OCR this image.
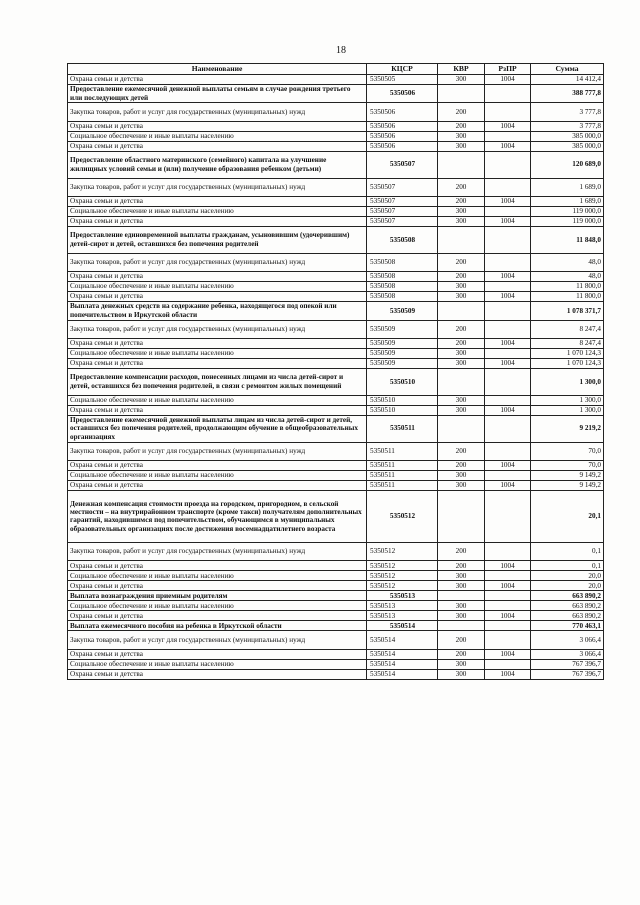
18
Наименование	КЦСР	КВР	РзПР	Сумма
Охрана семьи и детства	5350505	300	1004	14 412,4
Предоставление ежемесячной денежной выплаты семьям в случае рождения третьего или последующих детей	5350506			388 777,8
Закупка товаров, работ и услуг для государственных (муниципальных) нужд	5350506	200		3 777,8
Охрана семьи и детства	5350506	200	1004	3 777,8
Социальное обеспечение и иные выплаты населению	5350506	300		385 000,0
Охрана семьи и детства	5350506	300	1004	385 000,0
Предоставление областного материнского (семейного) капитала на улучшение жилищных условий семьи и (или) получение образования ребенком (детьми)	5350507			120 689,0
Закупка товаров, работ и услуг для государственных (муниципальных) нужд	5350507	200		1 689,0
Охрана семьи и детства	5350507	200	1004	1 689,0
Социальное обеспечение и иные выплаты населению	5350507	300		119 000,0
Охрана семьи и детства	5350507	300	1004	119 000,0
Предоставление единовременной выплаты гражданам, усыновившим (удочерившим) детей-сирот и детей, оставшихся без попечения родителей	5350508			11 848,0
Закупка товаров, работ и услуг для государственных (муниципальных) нужд	5350508	200		48,0
Охрана семьи и детства	5350508	200	1004	48,0
Социальное обеспечение и иные выплаты населению	5350508	300		11 800,0
Охрана семьи и детства	5350508	300	1004	11 800,0
Выплата денежных средств на содержание ребенка, находящегося под опекой или попечительством в Иркутской области	5350509			1 078 371,7
Закупка товаров, работ и услуг для государственных (муниципальных) нужд	5350509	200		8 247,4
Охрана семьи и детства	5350509	200	1004	8 247,4
Социальное обеспечение и иные выплаты населению	5350509	300		1 070 124,3
Охрана семьи и детства	5350509	300	1004	1 070 124,3
Предоставление компенсации расходов, понесенных лицами из числа детей-сирот и детей, оставшихся без попечения родителей, в связи с ремонтом жилых помещений	5350510			1 300,0
Социальное обеспечение и иные выплаты населению	5350510	300		1 300,0
Охрана семьи и детства	5350510	300	1004	1 300,0
Предоставление ежемесячной денежной выплаты лицам из числа детей-сирот и детей, оставшихся без попечения родителей, продолжающим обучение в общеобразовательных организациях	5350511			9 219,2
Закупка товаров, работ и услуг для государственных (муниципальных) нужд	5350511	200		70,0
Охрана семьи и детства	5350511	200	1004	70,0
Социальное обеспечение и иные выплаты населению	5350511	300		9 149,2
Охрана семьи и детства	5350511	300	1004	9 149,2
Денежная компенсация стоимости проезда на городском, пригородном, в сельской местности – на внутрирайонном транспорте (кроме такси) получателям дополнительных гарантий, находившимся под попечительством, обучающимся в муниципальных образовательных организациях после достижения восемнадцатилетнего возраста	5350512			20,1
Закупка товаров, работ и услуг для государственных (муниципальных) нужд	5350512	200		0,1
Охрана семьи и детства	5350512	200	1004	0,1
Социальное обеспечение и иные выплаты населению	5350512	300		20,0
Охрана семьи и детства	5350512	300	1004	20,0
Выплата вознаграждения приемным родителям	5350513			663 890,2
Социальное обеспечение и иные выплаты населению	5350513	300		663 890,2
Охрана семьи и детства	5350513	300	1004	663 890,2
Выплата ежемесячного пособия на ребенка в Иркутской области	5350514			770 463,1
Закупка товаров, работ и услуг для государственных (муниципальных) нужд	5350514	200		3 066,4
Охрана семьи и детства	5350514	200	1004	3 066,4
Социальное обеспечение и иные выплаты населению	5350514	300		767 396,7
Охрана семьи и детства	5350514	300	1004	767 396,7
